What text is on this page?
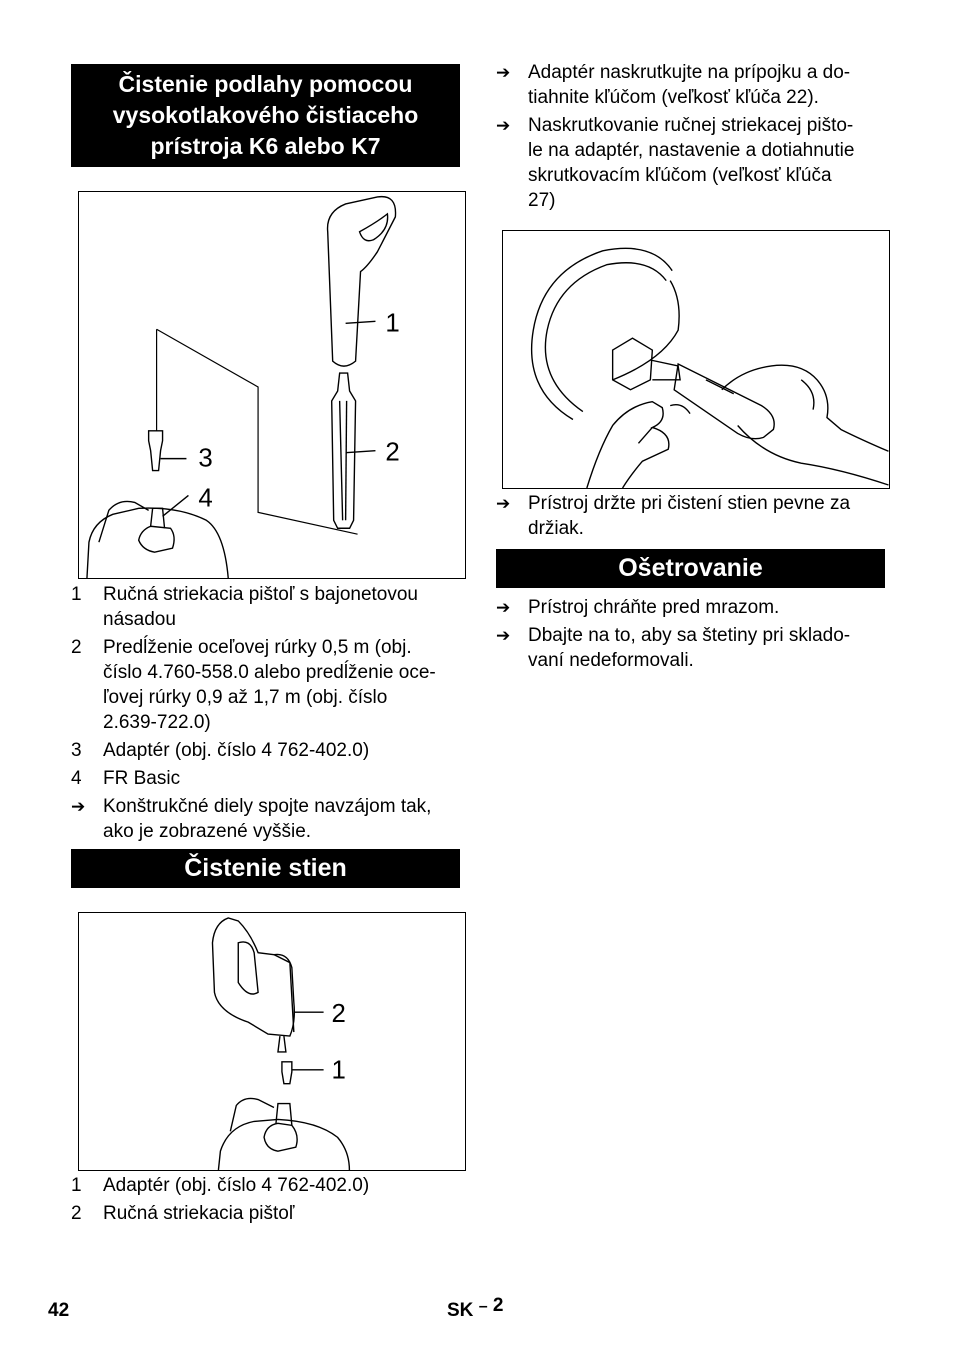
Čistenie podlahy pomocou
vysokotlakového čistiaceho
prístroja K6 alebo K7
1
2
3
4
1	Ručná striekacia pištoľ s bajonetovou
násadou
2	Predĺženie oceľovej rúrky 0,5 m (obj.
číslo 4.760-558.0 alebo predĺženie oce-
ľovej rúrky 0,9 až 1,7 m (obj. číslo
2.639-722.0)
3	Adaptér (obj. číslo 4 762-402.0)
4	FR Basic
➔ Konštrukčné diely spojte navzájom tak,
ako je zobrazené vyššie.
Čistenie stien
2
1
1	Adaptér (obj. číslo 4 762-402.0)
2	Ručná striekacia pištoľ
➔ Adaptér naskrutkujte na prípojku a do-
tiahnite kľúčom (veľkosť kľúča 22).
➔ Naskrutkovanie ručnej striekacej pišto-
le na adaptér, nastavenie a dotiahnutie
skrutkovacím kľúčom (veľkosť kľúča
27)
➔ Prístroj držte pri čistení stien pevne za
držiak.
Ošetrovanie
➔ Prístroj chráňte pred mrazom.
➔ Dbajte na to, aby sa štetiny pri sklado-
vaní nedeformovali.
42	SK – 2
